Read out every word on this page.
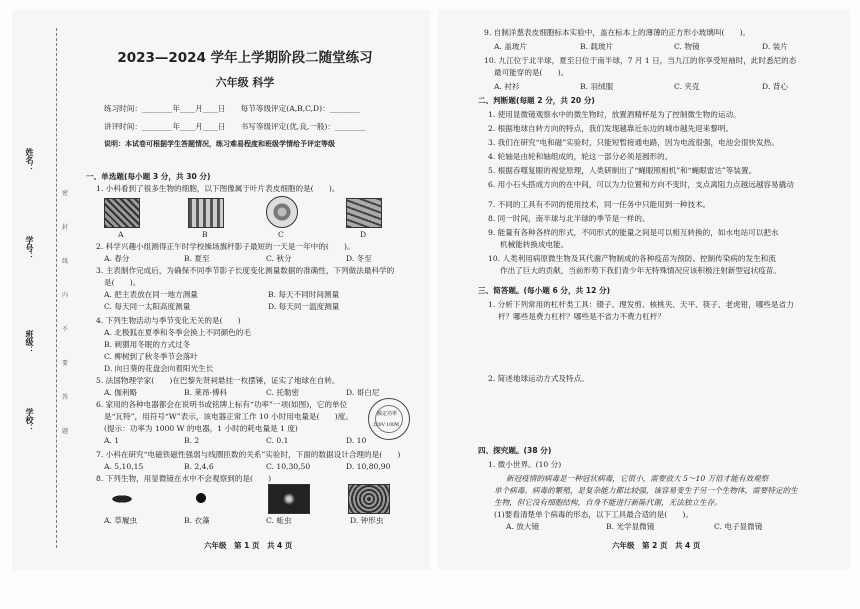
姓名：
学号：
班级：
学校：
密
封
线
内
不
要
答
题
2023—2024 学年上学期阶段二随堂练习
六年级 科学
练习时间：________年____月____日　　每节等级评定(A,B,C,D)：________
讲评时间：________年____月____日　　书写等级评定(优,良,一般)：________
说明：本试卷可根据学生答题情况，练习难易程度和班级学情给予评定等级
一、单选题(每小题 3 分，共 30 分)
1. 小科看到了很多生物的细胞，以下图像属于叶片表皮细胞的是(　　)。
A	B	C	D
2. 科学兴趣小组测得正午时学校操场旗杆影子最短的一天是一年中的(　　)。
A. 春分	B. 夏至	C. 秋分	D. 冬至
3. 主表制作完成后，为确保不同季节影子长度变化测量数据的准确性，下列做法最科学的
是(　　)。
A. 把主表放在同一地方测量	B. 每天不同时间测量
C. 每天同一太阳高度测量	D. 每天同一温度测量
4. 下列生物活动与季节变化无关的是(　　)
A. 北极狐在夏季和冬季会换上不同颜色的毛
B. 刺猬用冬眠的方式过冬
C. 柳树到了秋冬季节会落叶
D. 向日葵的花盘会向着阳光生长
5. 法国物理学家(　　)在巴黎先贤祠悬挂一枚摆锤，证实了地球在自转。
A. 伽利略	B. 莱昂·傅科	C. 托勒密	D. 哥白尼
6. 家用的各种电器都会在说明书或铭牌上标有“功率”一项(如图)，它的单位
是“瓦特”，用符号“W”表示，该电器正常工作 10 小时用电量是(　　)度。
(提示：功率为 1000 W 的电器，1 小时的耗电量是 1 度)
A. 1	B. 2	C. 0.1	D. 10
额定功率
220V 100W
7. 小科在研究“电磁铁磁性强弱与线圈匝数的关系”实验时，下面的数据设计合理的是(　　)
A. 5,10,15	B. 2,4,6	C. 10,30,50	D. 10,80,90
8. 下列生物，用显微镜在水中不会观察到的是(　　)
A. 草履虫	B. 衣藻	C. 蚯虫	D. 钟形虫
六年级　第 1 页　共 4 页
9. 自制洋葱表皮细胞标本实验中，盖在标本上的薄薄的正方形小玻璃叫(　　)。
A. 盖玻片	B. 载玻片	C. 物镜	D. 装片
10. 九江位于北半球，夏至日位于南半球，7 月 1 日，当九江的你享受短袖时，此时悉尼的态
最可能穿的是(　　)。
A. 衬衫	B. 羽绒服	C. 夹克	D. 背心
二、判断题(每题 2 分，共 20 分)
1. 使用显微镜观察水中的微生物时，放置酒精杯是为了控制微生物的运动。
2. 根据地球自转方向的特点，我们发现越靠近东边的城市越先迎来黎明。
3. 我们在研究“电和磁”实验时，只能短暂接通电路，因为电流很强，电池会很快发热。
4. 轮轴是由轮和轴组成的，轮这一部分必须是圆形的。
5. 根据吞噬复眼的视觉原理，人类研制出了“蝇眼照相机”和“蝇眼雷达”等装置。
6. 用小石头搭成方向的在中间，可以为力位置和方向不变时，支点离阻力点越远越容易撬动
7. 不同的工具有不同的使用技术，同一任务中只能用到一种技术。
8. 同一时间，南半球与北半球的季节是一样的。
9. 能量有各种各样的形式，不同形式的能量之间是可以相互转换的，如水电站可以把水
机械能转换成电能。
10. 人类利用病原微生物及其代谢产物制成的各种疫苗为预防、控制传染病的发生和流
作出了巨大的贡献，当前形势下我们青少年无特殊情况应该积极注射新型冠状疫苗。
三、简答题。(每小题 6 分，共 12 分)
1. 分析下列常用的杠杆类工具：镊子、理发剪、核桃夹、天平、筷子、老虎钳，哪些是省力
杆？哪些是费力杠杆？哪些是不省力不费力杠杆？
2. 简述地球运动方式及特点。
四、探究题。(38 分)
1. 微小世界。(10 分)
新冠疫情的病毒是一种冠状病毒，它很小，需要放大 5～10 万倍才能有效观察
单个病毒。病毒的繁殖，是复杂能力都比较强，该容易变生于另一个生物体，需要特定的生
生物，但它没有细胞结构，自身不能进行新陈代谢，无法独立生存。
(1)要看清楚单个病毒的形态，以下工具最合适的是(　　)。
A. 放大镜	B. 光学显微镜	C. 电子显微镜
六年级　第 2 页　共 4 页
